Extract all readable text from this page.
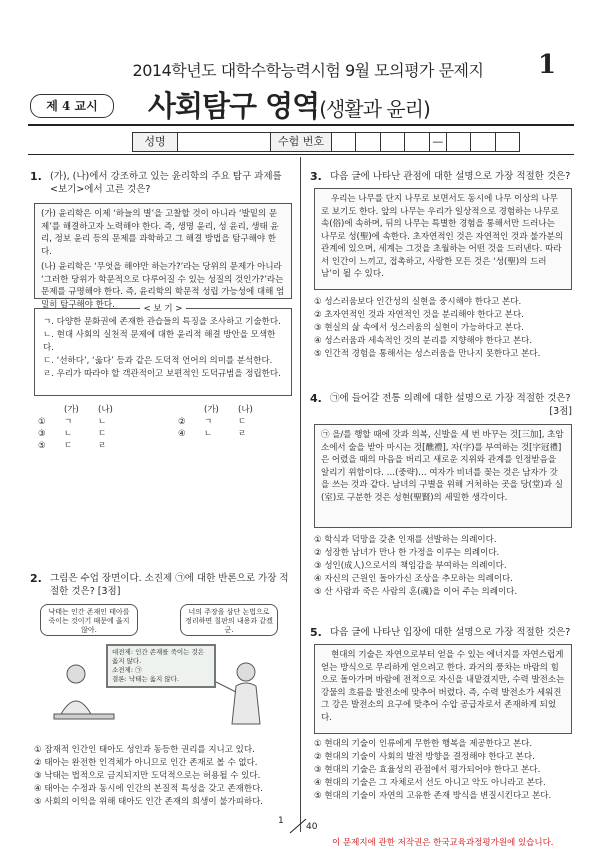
2014학년도 대학수학능력시험 9월 모의평가 문제지	1
제 4 교시	사회탐구 영역(생활과 윤리)
성명	수험 번호	—
1. (가), (나)에서 강조하고 있는 윤리학의 주요 탐구 과제를 <보기>에서 고른 것은?

(가) 윤리학은 이제 ‘하늘의 별’을 고찰할 것이 아니라 ‘발밑의 문제’를 해결하고자 노력해야 한다. 즉, 생명 윤리, 성 윤리, 생태 윤리, 정보 윤리 등의 문제를 과학하고 그 해결 방법을 탐구해야 한다.

(나) 윤리학은 ‘무엇을 해야만 하는가?’라는 당위의 문제가 아니라 ‘그러한 당위가 학문적으로 다루어질 수 있는 성질의 것인가?’라는 문제를 규명해야 한다. 즉, 윤리학의 학문적 성립 가능성에 대해 엄밀히 탐구해야 한다.	< 보 기 >
ㄱ. 다양한 문화권에 존재한 관습들의 특징을 조사하고 기술한다.
ㄴ. 현대 사회의 실천적 문제에 대한 윤리적 해결 방안을 모색한다.
ㄷ. ‘선하다’, ‘옳다’ 등과 같은 도덕적 언어의 의미를 분석한다.
ㄹ. 우리가 따라야 할 객관적이고 보편적인 도덕규범을 정립한다.
(가)	(나)	(가)	(나)
①	ㄱ	ㄴ	②	ㄱ	ㄷ
③	ㄴ	ㄷ	④	ㄴ	ㄹ
⑤	ㄷ	ㄹ
2. 그림은 수업 장면이다. 소진제 ㉠에 대한 반론으로 가장 적절한 것은? [3점]
낙태는 인간 존재인 태아를 죽이는 것이기 때문에 옳지 않아.
너의 주장을 삼단 논법으로 정리하면 칠판의 내용과 같겠군.
대전제: 인간 존재를 죽이는 것은 옳지 않다.
소전제: ㉠
결론: 낙태는 옳지 않다.
① 잠재적 인간인 태아도 성인과 동등한 권리를 지니고 있다.
② 태아는 완전한 인격체가 아니므로 인간 존재로 볼 수 없다.
③ 낙태는 법적으로 금지되지만 도덕적으로는 허용될 수 있다.
④ 태아는 수정과 동시에 인간의 본질적 특성을 갖고 존재한다.
⑤ 사회의 이익을 위해 태아도 인간 존재의 희생이 불가피하다.
3. 다음 글에 나타난 관점에 대한 설명으로 가장 적절한 것은?

우리는 나무를 단지 나무로 보면서도 동시에 나무 이상의 나무로 보기도 한다. 앞의 나무는 우리가 일상적으로 경험하는 나무로 속(俗)에 속하며, 뒤의 나무는 특별한 경험을 통해서만 드러나는 나무로 성(聖)에 속한다. 초자연적인 것은 자연적인 것과 불가분의 관계에 있으며, 세계는 그것을 초월하는 어떤 것을 드러낸다. 따라서 인간이 느끼고, 접촉하고, 사랑한 모든 것은 ‘성(聖)의 드러남’이 될 수 있다.

① 성스러움보다 인간성의 실현을 중시해야 한다고 본다.
② 초자연적인 것과 자연적인 것을 분리해야 한다고 본다.
③ 현실의 삶 속에서 성스러움의 실현이 가능하다고 본다.
④ 성스러움과 세속적인 것의 분리를 지향해야 한다고 본다.
⑤ 인간적 경험을 통해서는 성스러움을 만나지 못한다고 본다.
4. ㉠에 들어갈 전통 의례에 대한 설명으로 가장 적절한 것은?
[3점]

㉠ 을/를 행할 때에 갓과 의복, 신발을 세 번 바꾸는 것[三加], 초암소에서 술을 받아 마시는 것[醮禮], 자(字)를 부여하는 것[字冠禮]은 어렸을 때의 마음을 버리고 새로운 지위와 관계를 인정받음을 알리기 위함이다. …(중략)… 여자가 비녀를 꽂는 것은 남자가 갓을 쓰는 것과 같다. 남녀의 구별을 위해 거처하는 곳을 당(堂)과 실(室)로 구분한 것은 성현(聖賢)의 세밀한 생각이다.

① 학식과 덕망을 갖춘 인재를 선발하는 의례이다.
② 성장한 남녀가 만나 한 가정을 이루는 의례이다.
③ 성인(成人)으로서의 책임감을 부여하는 의례이다.
④ 자신의 근원인 돌아가신 조상을 추모하는 의례이다.
⑤ 산 사람과 죽은 사람의 혼(魂)을 이어 주는 의례이다.
5. 다음 글에 나타난 입장에 대한 설명으로 가장 적절한 것은?

현대의 기술은 자연으로부터 얻을 수 있는 에너지를 자연스럽게 얻는 방식으로 무리하게 얻으려고 한다. 과거의 풍차는 바람의 힘으로 돌아가며 바람에 전적으로 자신을 내맡겼지만, 수력 발전소는 강물의 흐름을 발전소에 맞추어 버렸다. 즉, 수력 발전소가 세워진 그 강은 발전소의 요구에 맞추어 수압 공급자로서 존재하게 되었다.

① 현대의 기술이 인류에게 무한한 행복을 제공한다고 본다.
② 현대의 기술이 사회의 발전 방향을 결정해야 한다고 본다.
③ 현대의 기술은 효율성의 관점에서 평가되어야 한다고 본다.
④ 현대의 기술은 그 자체로서 선도 아니고 악도 아니라고 본다.
⑤ 현대의 기술이 자연의 고유한 존재 방식을 변질시킨다고 본다.
1
40
이 문제지에 관한 저작권은 한국교육과정평가원에 있습니다.
